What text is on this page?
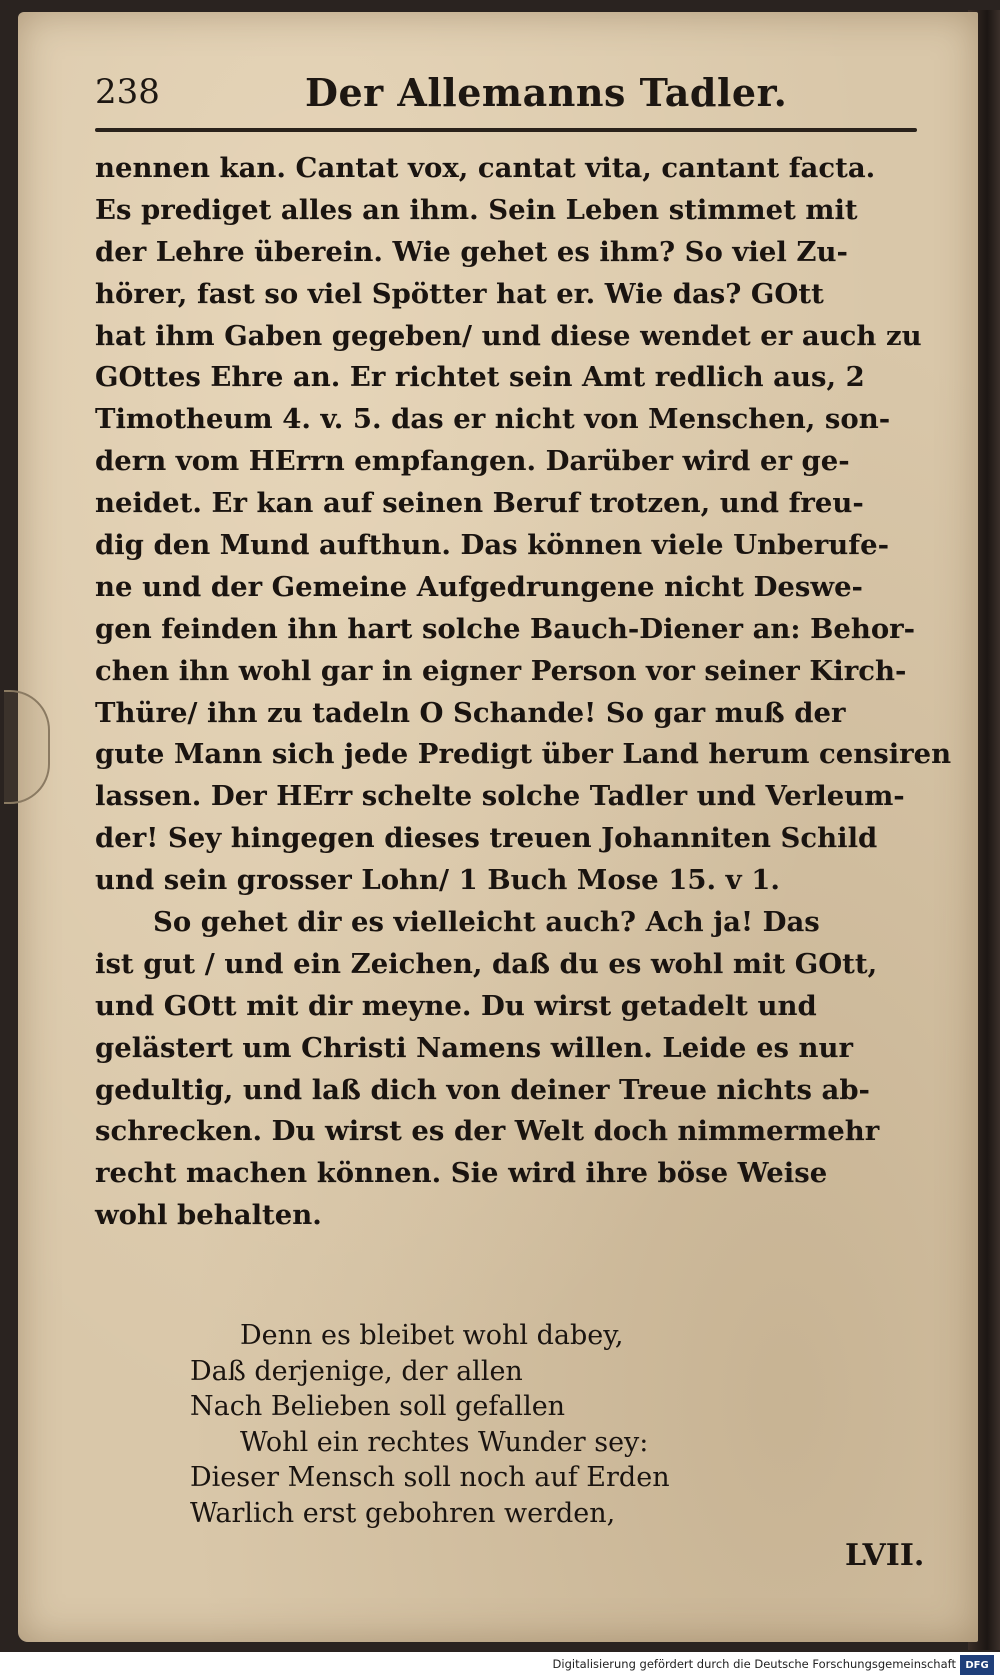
238	Der Allemanns Tadler.
nennen kan. Cantat vox, cantat vita, cantant facta.
Es prediget alles an ihm. Sein Leben stimmet mit
der Lehre überein. Wie gehet es ihm? So viel Zu-
hörer, fast so viel Spötter hat er. Wie das? GOtt
hat ihm Gaben gegeben/ und diese wendet er auch zu
GOttes Ehre an. Er richtet sein Amt redlich aus, 2
Timotheum 4. v. 5. das er nicht von Menschen, son-
dern vom HErrn empfangen. Darüber wird er ge-
neidet. Er kan auf seinen Beruf trotzen, und freu-
dig den Mund aufthun. Das können viele Unberufe-
ne und der Gemeine Aufgedrungene nicht Deswe-
gen feinden ihn hart solche Bauch-Diener an: Behor-
chen ihn wohl gar in eigner Person vor seiner Kirch-
Thüre/ ihn zu tadeln O Schande! So gar muß der
gute Mann sich jede Predigt über Land herum censiren
lassen. Der HErr schelte solche Tadler und Verleum-
der! Sey hingegen dieses treuen Johanniten Schild
und sein grosser Lohn/ 1 Buch Mose 15. v 1.
So gehet dir es vielleicht auch? Ach ja! Das
ist gut / und ein Zeichen, daß du es wohl mit GOtt,
und GOtt mit dir meyne. Du wirst getadelt und
gelästert um Christi Namens willen. Leide es nur
gedultig, und laß dich von deiner Treue nichts ab-
schrecken. Du wirst es der Welt doch nimmermehr
recht machen können. Sie wird ihre böse Weise
wohl behalten.
Denn es bleibet wohl dabey,
Daß derjenige, der allen
Nach Belieben soll gefallen
Wohl ein rechtes Wunder sey:
Dieser Mensch soll noch auf Erden
Warlich erst gebohren werden,
LVII.
Digitalisierung gefördert durch die Deutsche Forschungsgemeinschaft DFG
